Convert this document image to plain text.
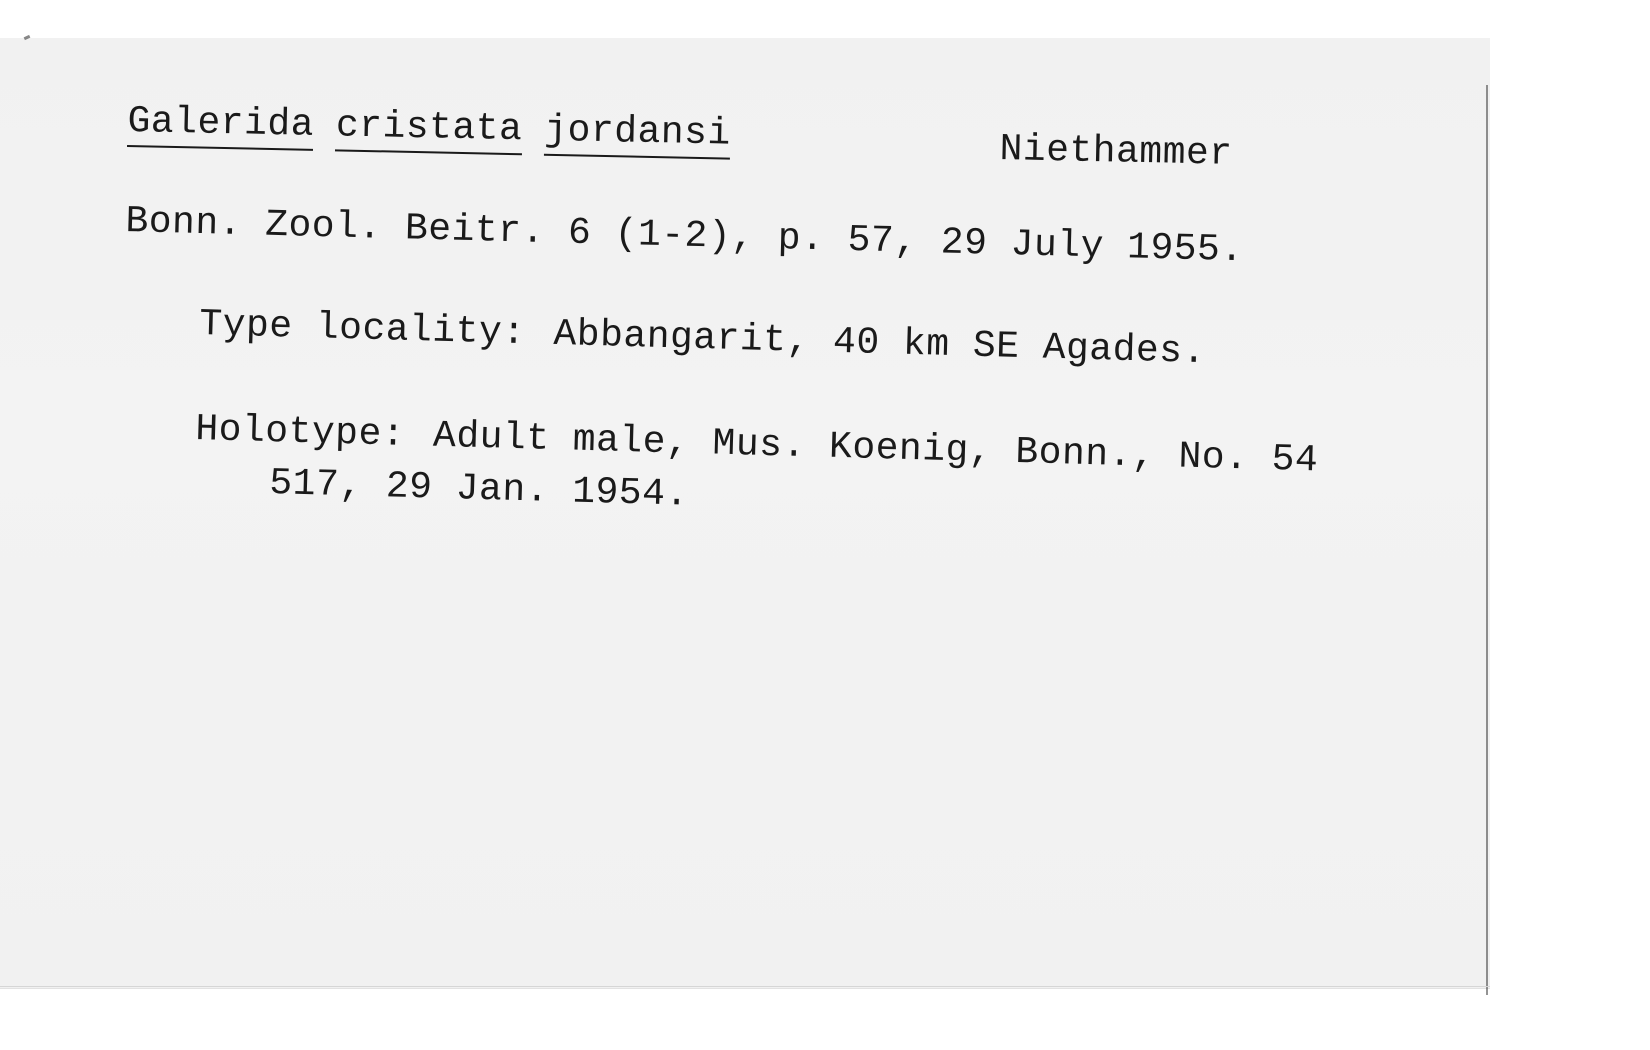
Galerida cristata jordansi	Niethammer
Bonn. Zool. Beitr. 6 (1-2), p. 57, 29 July 1955.
Type locality: Abbangarit, 40 km SE Agades.
Holotype: Adult male, Mus. Koenig, Bonn., No. 54
517, 29 Jan. 1954.
